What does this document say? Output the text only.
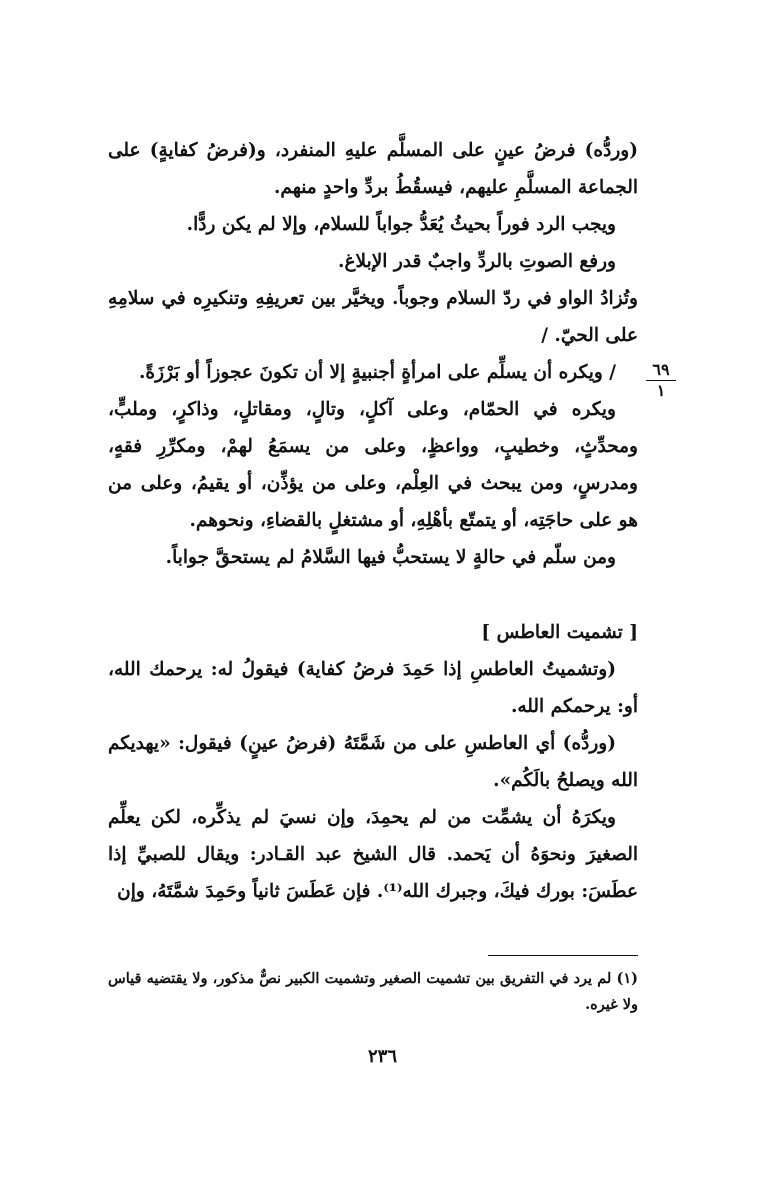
(وردُّه) فرضُ عينٍ على المسلَّم عليهِ المنفرد، و(فرضُ كفايةٍ) على الجماعة المسلَّمِ عليهم، فيسقُطُ بردِّ واحدٍ منهم.

ويجب الرد فوراً بحيثُ يُعَدُّ جواباً للسلام، وإلا لم يكن ردًّا.

ورفع الصوتِ بالردِّ واجبٌ قدر الإبلاغ.

وتُزادُ الواو في ردّ السلام وجوباً. ويخيَّر بين تعريفِهِ وتنكيرِه في سلامِهِ على الحيّ. /

/ ويكره أن يسلِّم على امرأةٍ أجنبيةٍ إلا أن تكونَ عجوزاً أو بَرْزَةً.

ويكره في الحمّام، وعلى آكلٍ، وتالٍ، ومقاتلٍ، وذاكرٍ، وملبٍّ، ومحدِّثٍ، وخطيبٍ، وواعظٍ، وعلى من يسمَعُ لهمْ، ومكرِّرِ فقهٍ، ومدرسٍ، ومن يبحث في العِلْم، وعلى من يؤذِّن، أو يقيمُ، وعلى من هو على حاجَتِه، أو يتمتّع بأهْلِهِ، أو مشتغلٍ بالقضاءِ، ونحوهم.

ومن سلّم في حالةٍ لا يستحبُّ فيها السَّلامُ لم يستحقَّ جواباً.

[ تشميت العاطس ]

(وتشميتُ العاطسِ إذا حَمِدَ فرضُ كفاية) فيقولُ له: يرحمك الله، أو: يرحمكم الله.

(وردُّه) أي العاطسِ على من شَمَّتَهُ (فرضُ عينٍ) فيقول: «يهديكم الله ويصلحُ بالَكُم».

ويكرَهُ أن يشمِّت من لم يحمِدَ، وإن نسيَ لم يذكِّره، لكن يعلِّم الصغيرَ ونحوَهُ أن يَحمد. قال الشيخ عبد القـادر: ويقال للصبيِّ إذا عطَسَ: بورك فيكَ، وجبرك الله⁽¹⁾. فإن عَطَسَ ثانياً وحَمِدَ شمَّتَهُ، وإن

٦٩
١

(١) لم يرد في التفريق بين تشميت الصغير وتشميت الكبير نصٌّ مذكور، ولا يقتضيه قياس ولا غيره.

٢٣٦
